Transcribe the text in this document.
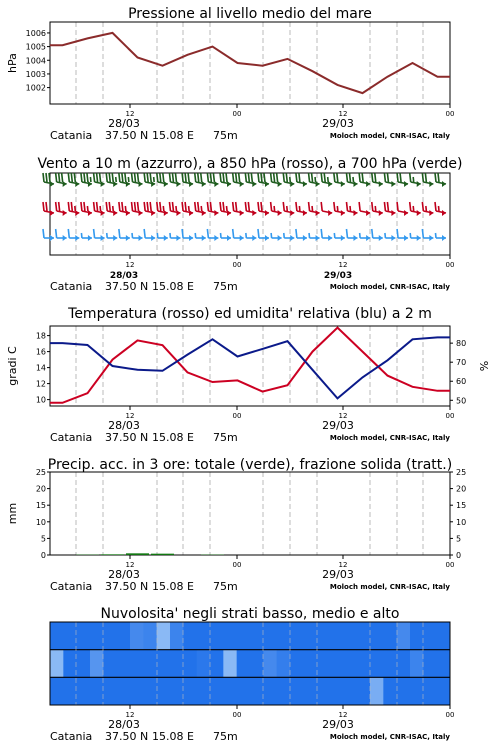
Pressione al livello medio del mare
12	00	12	00
28/03	29/03
Catania 37.50 N 15.08 E 75m	Moloch model, CNR-ISAC, Italy
1002
1003
1004
1005
1006
hPa
Vento a 10 m (azzurro), a 850 hPa (rosso), a 700 hPa (verde)
12	00	12	00
28/03	29/03
Catania 37.50 N 15.08 E 75m	Moloch model, CNR-ISAC, Italy
Temperatura (rosso) ed umidita' relativa (blu) a 2 m
12	00	12	00
28/03	29/03
Catania 37.50 N 15.08 E 75m	Moloch model, CNR-ISAC, Italy
10
12
14
16
18
50
60
70
80
gradi C	%
Precip. acc. in 3 ore: totale (verde), frazione solida (tratt.)
12	00	12	00
28/03	29/03
Catania 37.50 N 15.08 E 75m	Moloch model, CNR-ISAC, Italy
0
5
10
15
20
25
0
5
10
15
20
25
mm
Nuvolosita' negli strati basso, medio e alto
12	00	12	00
28/03	29/03
Catania 37.50 N 15.08 E 75m	Moloch model, CNR-ISAC, Italy
